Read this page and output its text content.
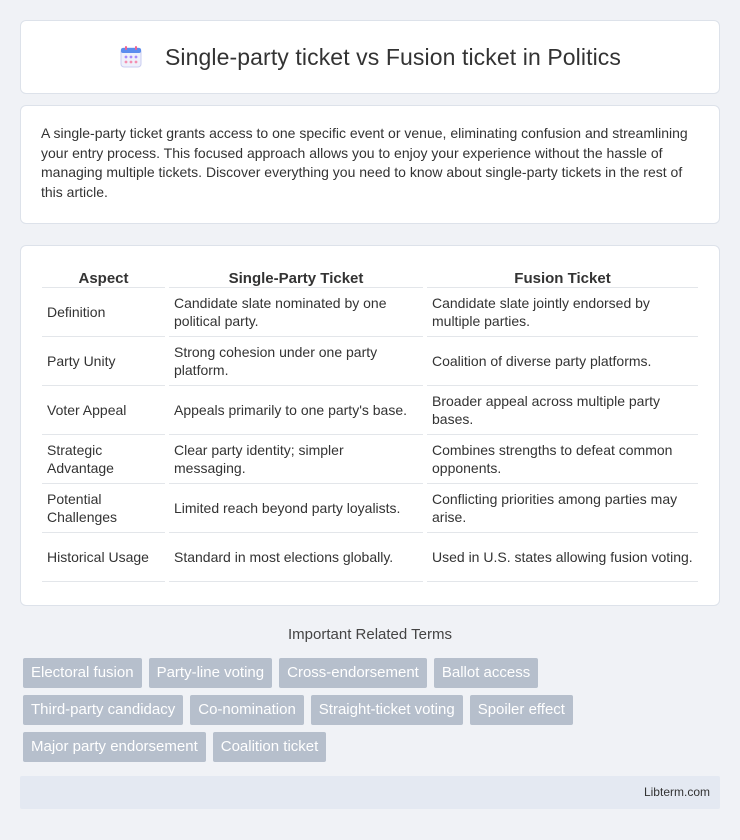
Single-party ticket vs Fusion ticket in Politics

A single-party ticket grants access to one specific event or venue, eliminating confusion and streamlining your entry process. This focused approach allows you to enjoy your experience without the hassle of managing multiple tickets. Discover everything you need to know about single-party tickets in the rest of this article.

Aspect	Single-Party Ticket	Fusion Ticket
Definition	Candidate slate nominated by one political party.	Candidate slate jointly endorsed by multiple parties.
Party Unity	Strong cohesion under one party platform.	Coalition of diverse party platforms.
Voter Appeal	Appeals primarily to one party's base.	Broader appeal across multiple party bases.
Strategic Advantage	Clear party identity; simpler messaging.	Combines strengths to defeat common opponents.
Potential Challenges	Limited reach beyond party loyalists.	Conflicting priorities among parties may arise.
Historical Usage	Standard in most elections globally.	Used in U.S. states allowing fusion voting.
Important Related Terms
Electoral fusion	Party-line voting	Cross-endorsement	Ballot access
Third-party candidacy	Co-nomination	Straight-ticket voting	Spoiler effect
Major party endorsement	Coalition ticket
Libterm.com
